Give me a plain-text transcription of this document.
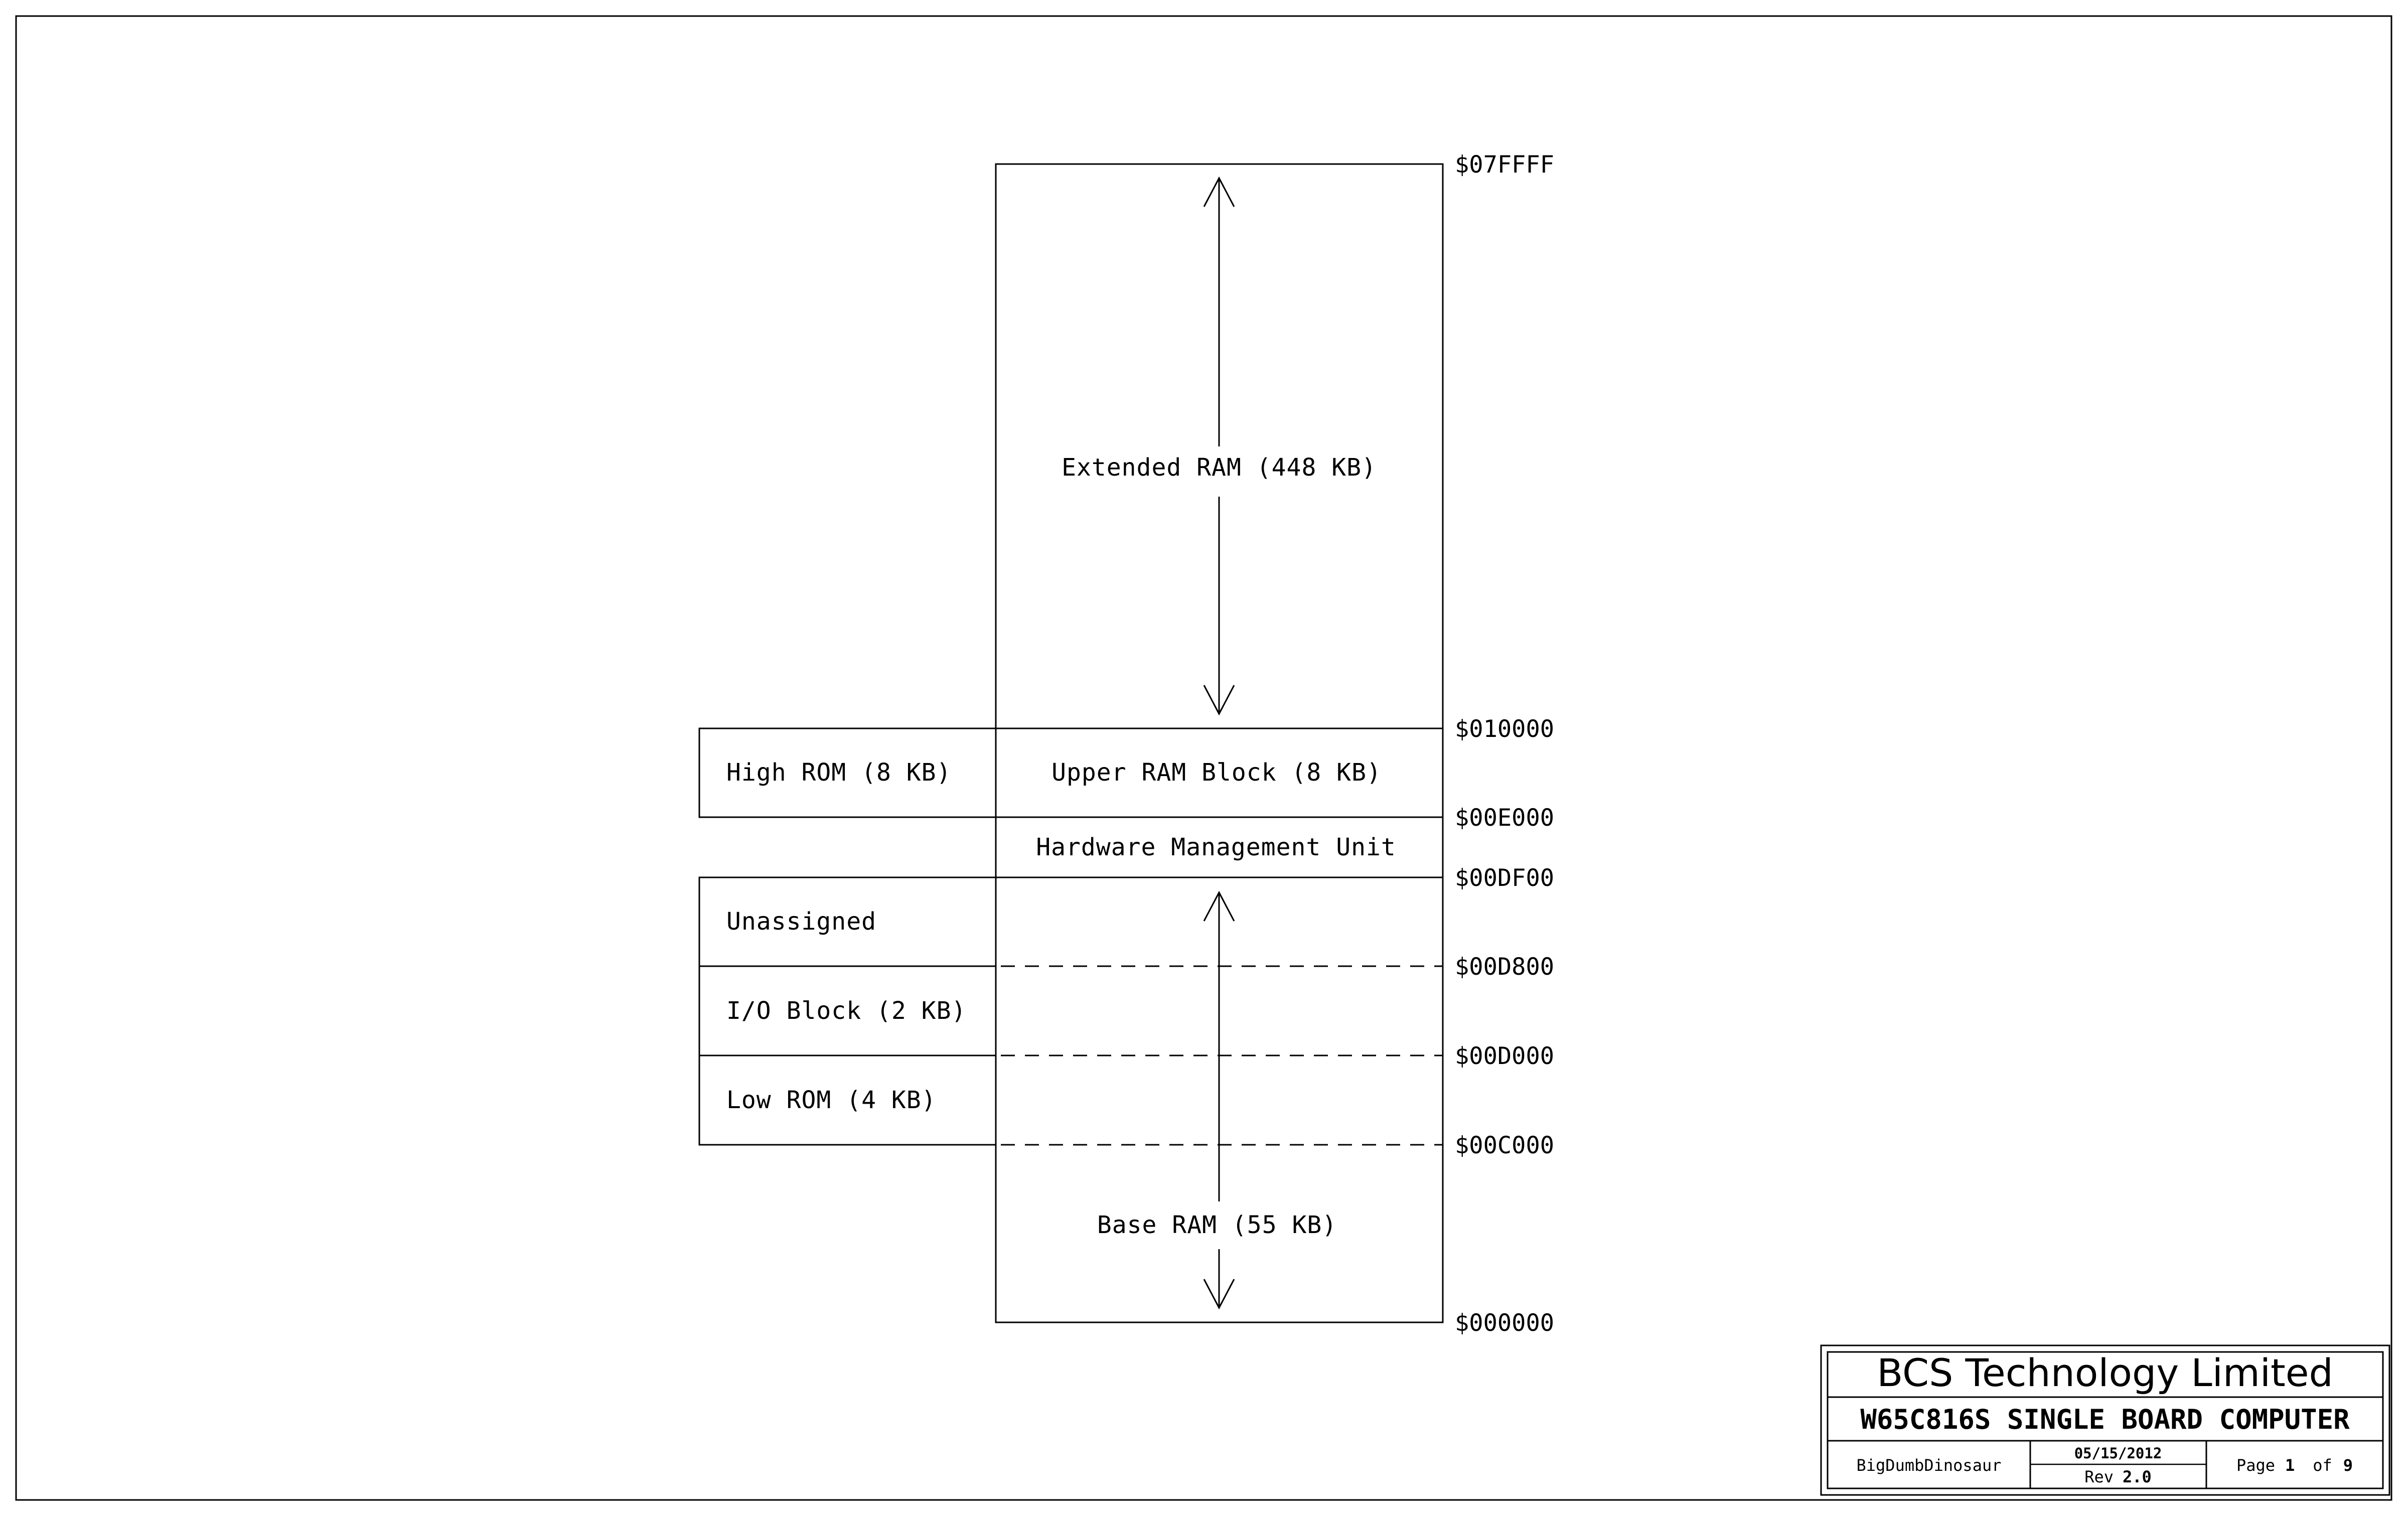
Extended RAM (448 KB)
Upper RAM Block (8 KB)
Hardware Management Unit
Base RAM (55 KB)
High ROM (8 KB)
Unassigned
I/O Block (2 KB)
Low ROM (4 KB)
$07FFFF
$010000
$00E000
$00DF00
$00D800
$00D000
$00C000
$000000
BCS Technology Limited
W65C816S SINGLE BOARD COMPUTER
BigDumbDinosaur
05/15/2012
Rev 2.0
Page 1 of 9
